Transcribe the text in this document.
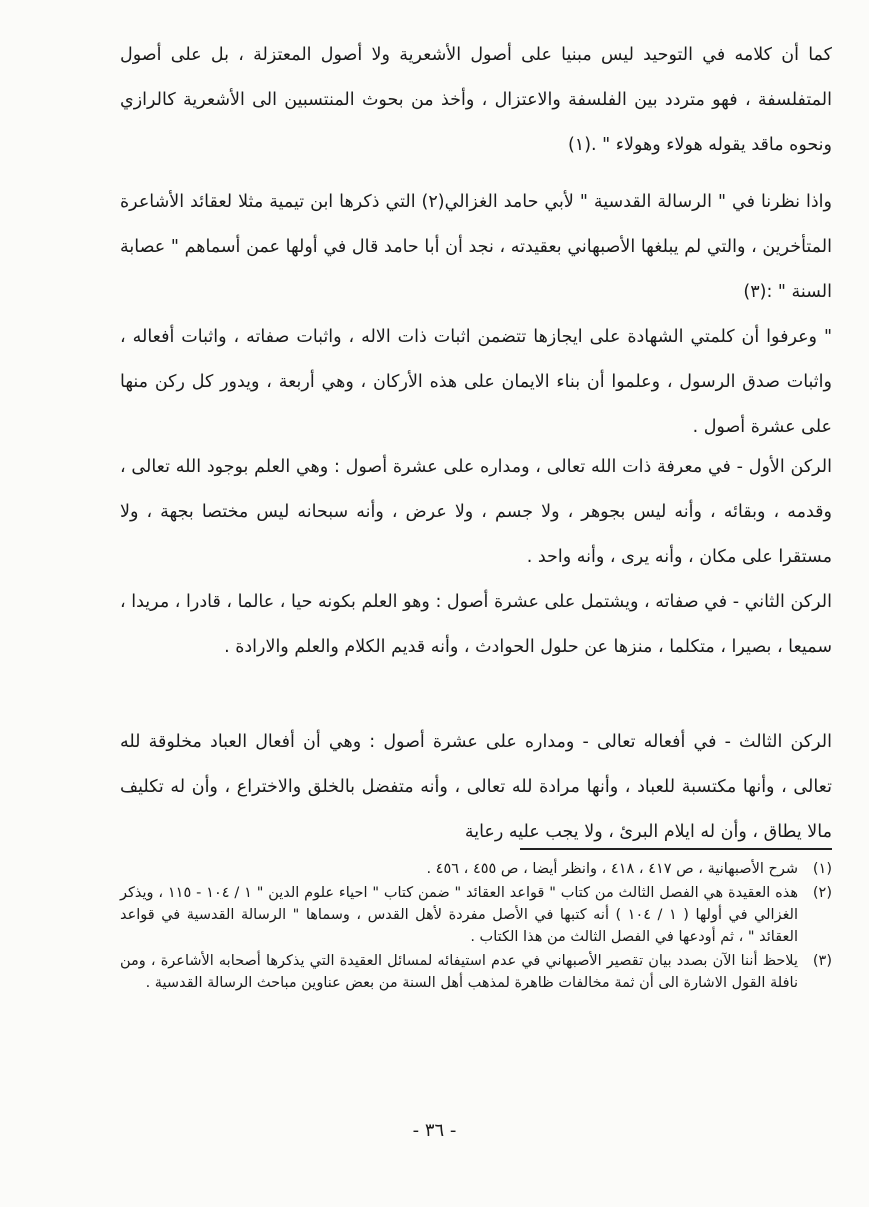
كما أن كلامه في التوحيد ليس مبنيا على أصول الأشعرية ولا أصول المعتزلة ، بل على أصول المتفلسفة ، فهو متردد بين الفلسفة والاعتزال ، وأخذ من بحوث المنتسبين الى الأشعرية كالرازي ونحوه ماقد يقوله هولاء وهولاء " .(١)

واذا نظرنا في " الرسالة القدسية " لأبي حامد الغزالي(٢) التي ذكرها ابن تيمية مثلا لعقائد الأشاعرة المتأخرين ، والتي لم يبلغها الأصبهاني بعقيدته ، نجد أن أبا حامد قال في أولها عمن أسماهم " عصابة السنة " :(٣)

" وعرفوا أن كلمتي الشهادة على ايجازها تتضمن اثبات ذات الاله ، واثبات صفاته ، واثبات أفعاله ، واثبات صدق الرسول ، وعلموا أن بناء الايمان على هذه الأركان ، وهي أربعة ، ويدور كل ركن منها على عشرة أصول .

الركن الأول - في معرفة ذات الله تعالى ، ومداره على عشرة أصول : وهي العلم بوجود الله تعالى ، وقدمه ، وبقائه ، وأنه ليس بجوهر ، ولا جسم ، ولا عرض ، وأنه سبحانه ليس مختصا بجهة ، ولا مستقرا على مكان ، وأنه يرى ، وأنه واحد .

الركن الثاني - في صفاته ، ويشتمل على عشرة أصول : وهو العلم بكونه حيا ، عالما ، قادرا ، مريدا ، سميعا ، بصيرا ، متكلما ، منزها عن حلول الحوادث ، وأنه قديم الكلام والعلم والارادة .

الركن الثالث - في أفعاله تعالى - ومداره على عشرة أصول : وهي أن أفعال العباد مخلوقة لله تعالى ، وأنها مكتسبة للعباد ، وأنها مرادة لله تعالى ، وأنه متفضل بالخلق والاختراع ، وأن له تكليف مالا يطاق ، وأن له ايلام البرئ ، ولا يجب عليه رعاية

(١)
شرح الأصبهانية ، ص ٤١٧ ، ٤١٨ ، وانظر أيضا ، ص ٤٥٥ ، ٤٥٦ .
(٢)
هذه العقيدة هي الفصل الثالث من كتاب " قواعد العقائد " ضمن كتاب " احياء علوم الدين " ١ / ١٠٤ - ١١٥ ، ويذكر الغزالي في أولها ( ١ / ١٠٤ ) أنه كتبها في الأصل مفردة لأهل القدس ، وسماها " الرسالة القدسية في قواعد العقائد " ، ثم أودعها في الفصل الثالث من هذا الكتاب .
(٣)
يلاحظ أننا الآن بصدد بيان تقصير الأصبهاني في عدم استيفائه لمسائل العقيدة التي يذكرها أصحابه الأشاعرة ، ومن نافلة القول الاشارة الى أن ثمة مخالفات ظاهرة لمذهب أهل السنة من بعض عناوين مباحث الرسالة القدسية .
- ٣٦ -
